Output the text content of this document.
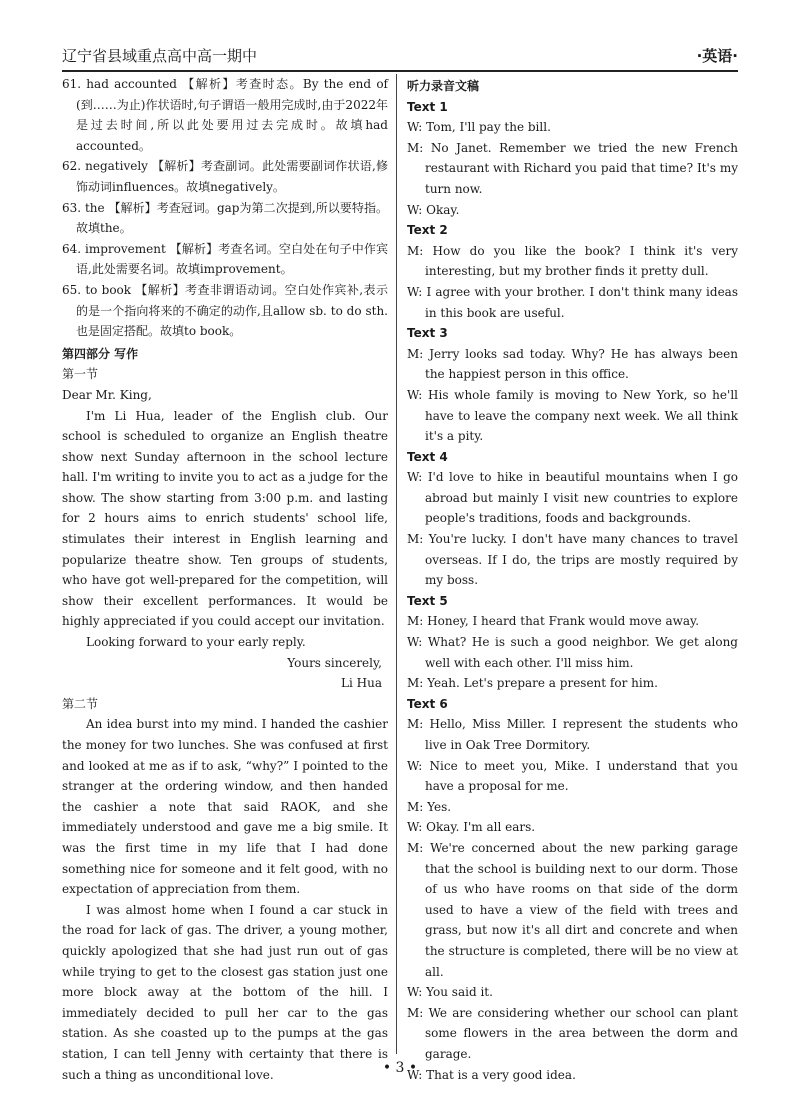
辽宁省县域重点高中高一期中	·英语·

61. had accounted 【解析】考查时态。By the end of (到……为止)作状语时,句子谓语一般用完成时,由于2022年是过去时间,所以此处要用过去完成时。故填had accounted。

62. negatively 【解析】考查副词。此处需要副词作状语,修饰动词influences。故填negatively。

63. the 【解析】考查冠词。gap为第二次提到,所以要特指。故填the。

64. improvement 【解析】考查名词。空白处在句子中作宾语,此处需要名词。故填improvement。

65. to book 【解析】考查非谓语动词。空白处作宾补,表示的是一个指向将来的不确定的动作,且allow sb. to do sth.也是固定搭配。故填to book。

第四部分 写作

第一节

Dear Mr. King,

I'm Li Hua, leader of the English club. Our school is scheduled to organize an English theatre show next Sunday afternoon in the school lecture hall. I'm writing to invite you to act as a judge for the show. The show starting from 3:00 p.m. and lasting for 2 hours aims to enrich students' school life, stimulates their interest in English learning and popularize theatre show. Ten groups of students, who have got well-prepared for the competition, will show their excellent performances. It would be highly appreciated if you could accept our invitation.

Looking forward to your early reply.

Yours sincerely,

Li Hua

第二节

An idea burst into my mind. I handed the cashier the money for two lunches. She was confused at first and looked at me as if to ask, “why?” I pointed to the stranger at the ordering window, and then handed the cashier a note that said RAOK, and she immediately understood and gave me a big smile. It was the first time in my life that I had done something nice for someone and it felt good, with no expectation of appreciation from them.

I was almost home when I found a car stuck in the road for lack of gas. The driver, a young mother, quickly apologized that she had just run out of gas while trying to get to the closest gas station just one more block away at the bottom of the hill. I immediately decided to pull her car to the gas station. As she coasted up to the pumps at the gas station, I can tell Jenny with certainty that there is such a thing as unconditional love.

听力录音文稿

Text 1

W: Tom, I'll pay the bill.

M: No Janet. Remember we tried the new French restaurant with Richard you paid that time? It's my turn now.

W: Okay.

Text 2

M: How do you like the book? I think it's very interesting, but my brother finds it pretty dull.

W: I agree with your brother. I don't think many ideas in this book are useful.

Text 3

M: Jerry looks sad today. Why? He has always been the happiest person in this office.

W: His whole family is moving to New York, so he'll have to leave the company next week. We all think it's a pity.

Text 4

W: I'd love to hike in beautiful mountains when I go abroad but mainly I visit new countries to explore people's traditions, foods and backgrounds.

M: You're lucky. I don't have many chances to travel overseas. If I do, the trips are mostly required by my boss.

Text 5

M: Honey, I heard that Frank would move away.

W: What? He is such a good neighbor. We get along well with each other. I'll miss him.

M: Yeah. Let's prepare a present for him.

Text 6

M: Hello, Miss Miller. I represent the students who live in Oak Tree Dormitory.

W: Nice to meet you, Mike. I understand that you have a proposal for me.

M: Yes.

W: Okay. I'm all ears.

M: We're concerned about the new parking garage that the school is building next to our dorm. Those of us who have rooms on that side of the dorm used to have a view of the field with trees and grass, but now it's all dirt and concrete and when the structure is completed, there will be no view at all.

W: You said it.

M: We are considering whether our school can plant some flowers in the area between the dorm and garage.

W: That is a very good idea.

• 3 •
